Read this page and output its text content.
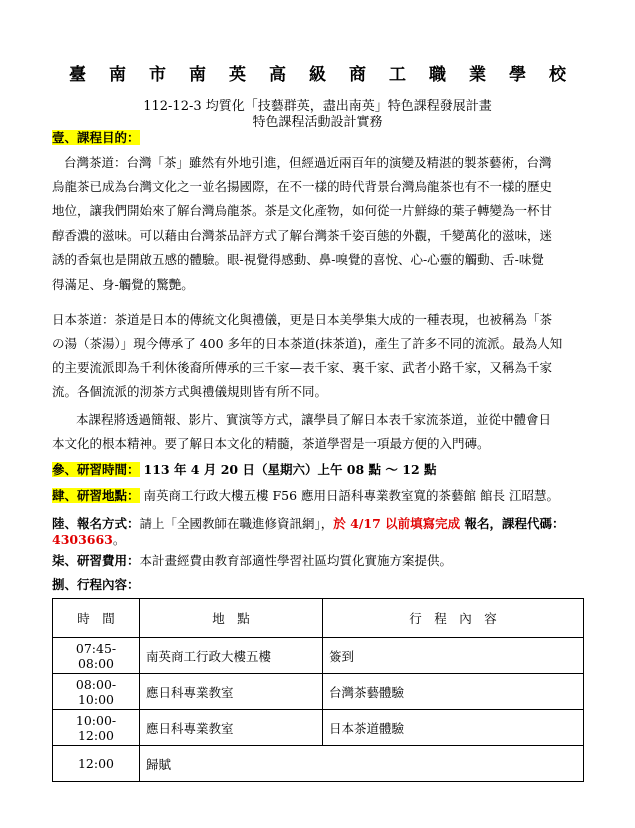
臺南市南英高級商工職業學校
112-12-3 均質化「技藝群英，盡出南英」特色課程發展計畫
特色課程活動設計實務
壹、課程目的：
台灣茶道：台灣「茶」雖然有外地引進，但經過近兩百年的演變及精湛的製茶藝術，台灣
烏龍茶已成為台灣文化之一並名揚國際，在不一樣的時代背景台灣烏龍茶也有不一樣的歷史
地位，讓我們開始來了解台灣烏龍茶。茶是文化產物，如何從一片鮮綠的葉子轉變為一杯甘
醇香濃的滋味。可以藉由台灣茶品評方式了解台灣茶千姿百態的外觀，千變萬化的滋味，迷
誘的香氣也是開啟五感的體驗。眼-視覺得感動、鼻-嗅覺的喜悅、心-心靈的觸動、舌-味覺
得滿足、身-觸覺的驚艷。
日本茶道：茶道是日本的傳統文化與禮儀，更是日本美學集大成的一種表現，也被稱為「茶
の湯（茶湯）」現今傳承了 400 多年的日本茶道(抹茶道)，產生了許多不同的流派。最為人知
的主要流派即為千利休後裔所傳承的三千家—表千家、裏千家、武者小路千家，又稱為千家
流。各個流派的沏茶方式與禮儀規則皆有所不同。
本課程將透過簡報、影片、實演等方式，讓學員了解日本表千家流茶道，並從中體會日
本文化的根本精神。要了解日本文化的精髓，茶道學習是一項最方便的入門磚。
參、研習時間： 113 年 4 月 20 日（星期六）上午 08 點 ～ 12 點
肆、研習地點： 南英商工行政大樓五樓 F56 應用日語科專業教室寬的茶藝館 館長 江昭慧。
陸、報名方式：請上「全國教師在職進修資訊網」，於 4/17 以前填寫完成 報名，課程代碼：
4303663。
柒、研習費用：本計畫經費由教育部適性學習社區均質化實施方案提供。
捌、行程內容：
時　間	地　點	行　程　內　容
07:45-08:00	南英商工行政大樓五樓	簽到
08:00-10:00	應日科專業教室	台灣茶藝體驗
10:00-12:00	應日科專業教室	日本茶道體驗
12:00	歸賦	
